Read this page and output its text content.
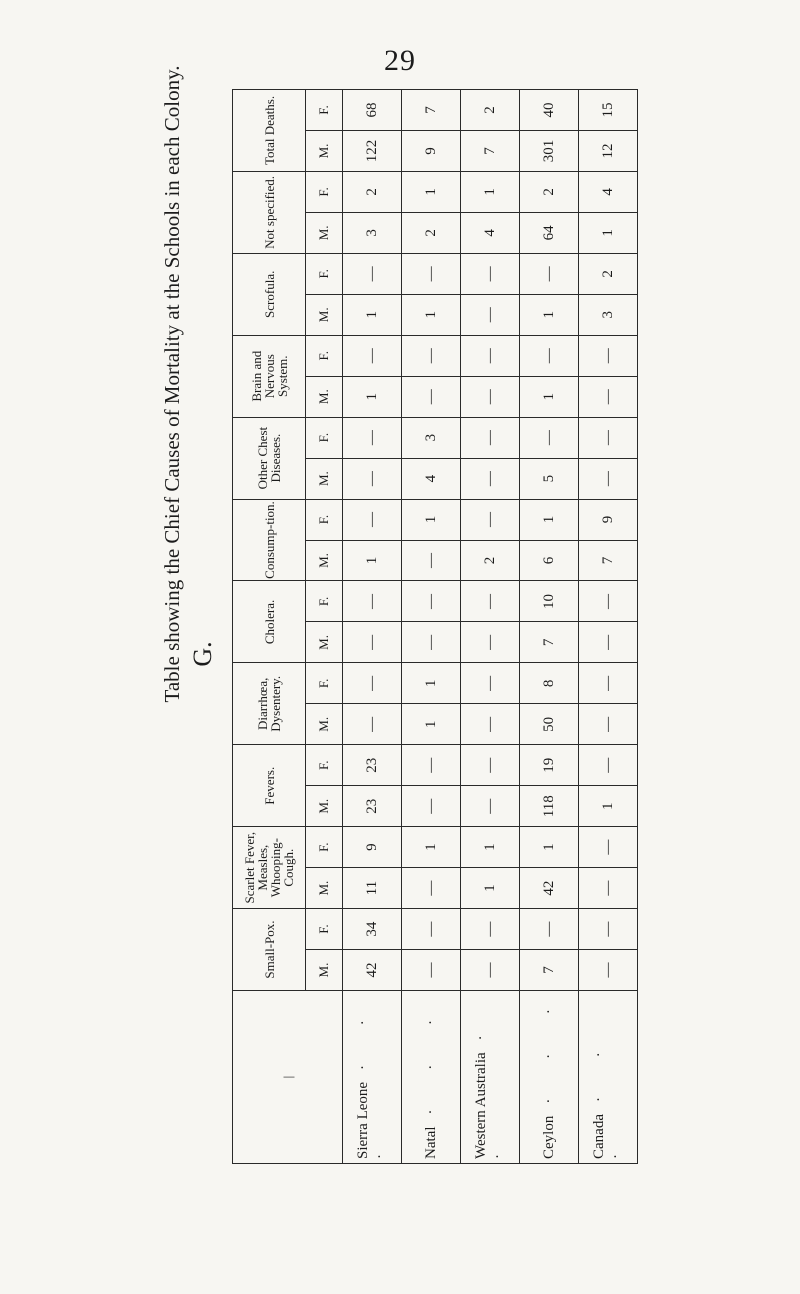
29
G.
Table showing the Chief Causes of Mortality at the Schools in each Colony.
|	Small-Pox.		Scarlet Fever, Measles, Whooping-Cough.		Fevers.		Diarrhœa, Dysentery.		Cholera.		Consump-tion.		Other Chest Diseases.		Brain and Nervous System.		Scrofula.		Not specified.		Total Deaths.	
	M.	F.	M.	F.	M.	F.	M.	F.	M.	F.	M.	F.	M.	F.	M.	F.	M.	F.	M.	F.	M.	F.
Sierra Leone· · ·	42	34	11	9	23	23	—	—	—	—	1	—	—	—	1	—	1	—	3	2	122	68
Natal· · ·	—	—	—	1	—	—	1	1	—	—	—	1	4	3	—	—	1	—	2	1	9	7
Western Australia· ·	—	—	1	1	—	—	—	—	—	—	2	—	—	—	—	—	—	—	4	1	7	2
Ceylon· · ·	7	—	42	1	118	19	50	8	7	10	6	1	5	—	1	—	1	—	64	2	301	40
Canada· · ·	—	—	—	—	1	—	—	—	—	—	7	9	—	—	—	—	3	2	1	4	12	15
